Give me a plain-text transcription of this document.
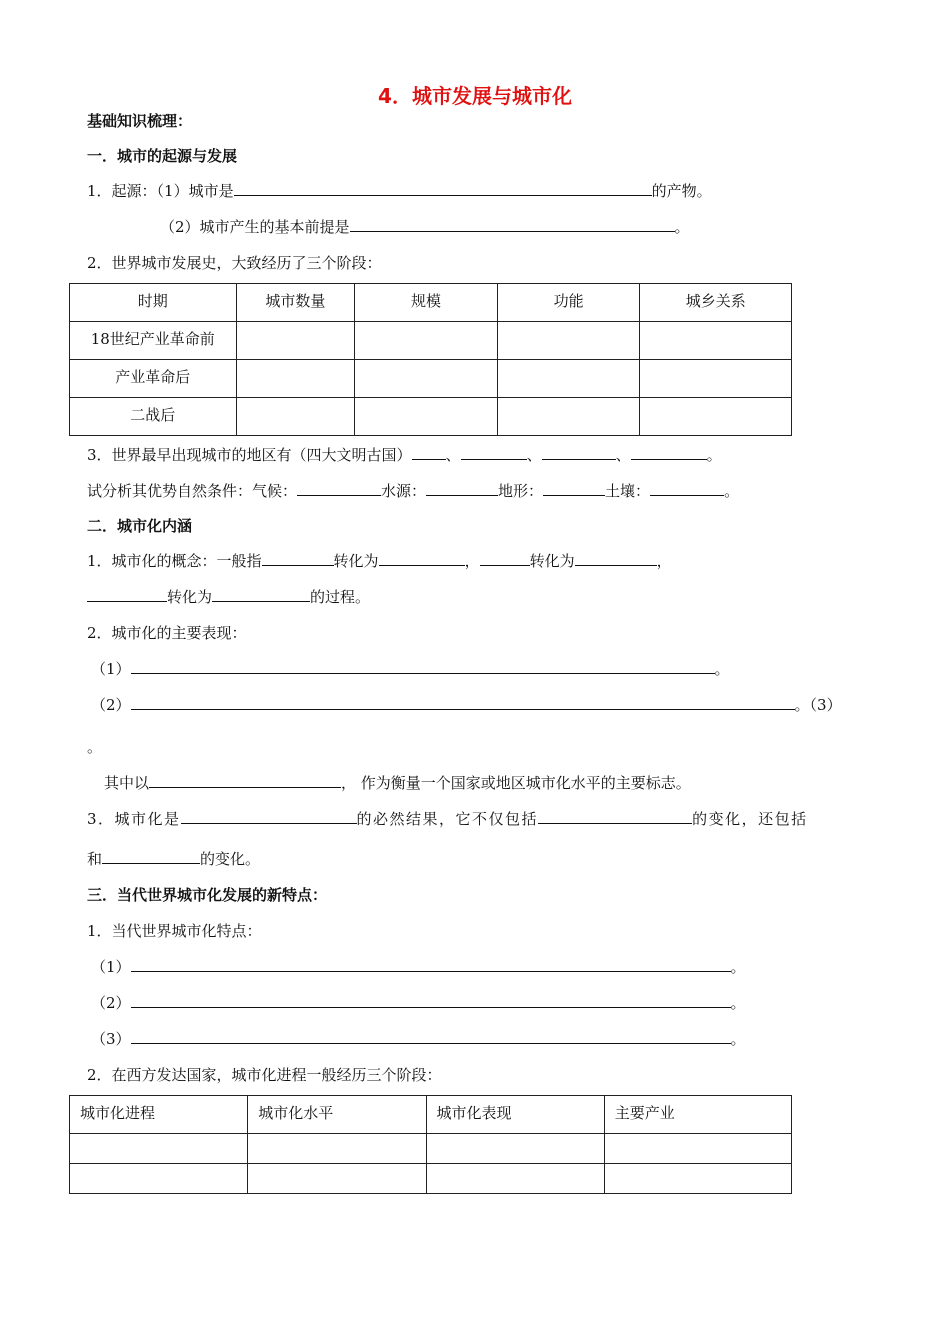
4．城市发展与城市化
基础知识梳理：
一．城市的起源与发展
1．起源：（1）城市是	的产物。
（2）城市产生的基本前提是	。
2．世界城市发展史，大致经历了三个阶段：
时期	城市数量	规模	功能	城乡关系
18世纪产业革命前				
产业革命后				
二战后				
3．世界最早出现城市的地区有（四大文明古国） 、	、	、	。
试分析其优势自然条件：气候：	水源：	地形：	土壤：	。
二．城市化内涵
1．城市化的概念：一般指	转化为	，	转化为	，
转化为	的过程。
2．城市化的主要表现：
（1）	。
（2）	。（3）
。
其中以	， 作为衡量一个国家或地区城市化水平的主要标志。
3．城市化是	的必然结果，它不仅包括	的变化，还包括
和	的变化。
三．当代世界城市化发展的新特点：
1．当代世界城市化特点：
（1）	。
（2）	。
（3）	。
2．在西方发达国家，城市化进程一般经历三个阶段：
城市化进程	城市化水平	城市化表现	主要产业
